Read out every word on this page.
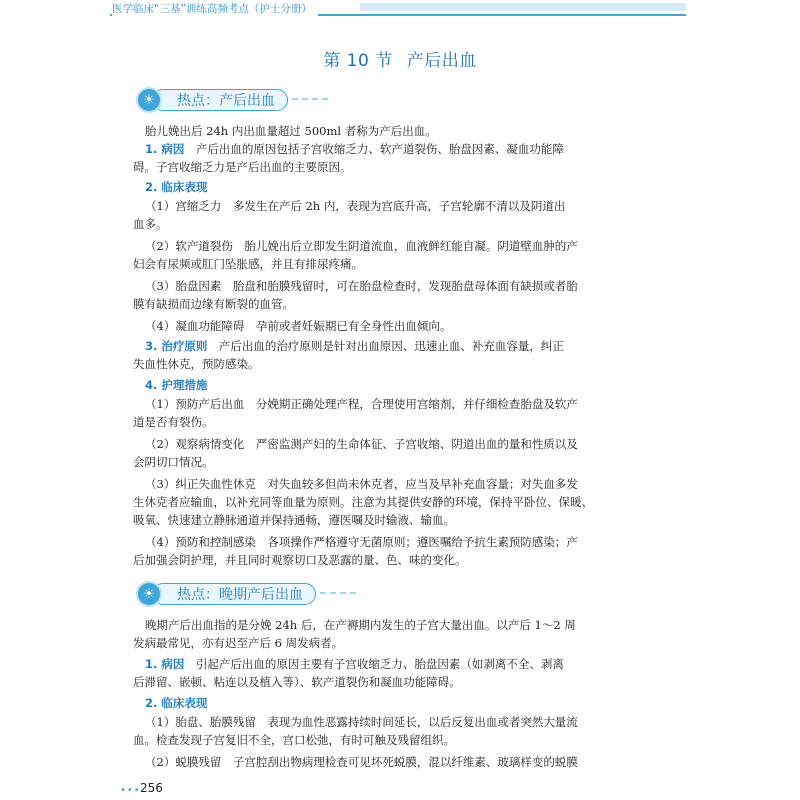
医学临床“三基”训练高频考点（护士分册）
第 10 节 产后出血
☀	热点：产后出血
胎儿娩出后 24h 内出血量超过 500ml 者称为产后出血。
1. 病因　 产后出血的原因包括子宫收缩乏力、软产道裂伤、胎盘因素、凝血功能障
碍。子宫收缩乏力是产后出血的主要原因。
2. 临床表现
（1）宫缩乏力　多发生在产后 2h 内，表现为宫底升高，子宫轮廓不清以及阴道出
血多。
（2）软产道裂伤　胎儿娩出后立即发生阴道流血，血液鲜红能自凝。阴道壁血肿的产
妇会有尿频或肛门坠胀感，并且有排尿疼痛。
（3）胎盘因素　胎盘和胎膜残留时，可在胎盘检查时，发现胎盘母体面有缺损或者胎
膜有缺损而边缘有断裂的血管。
（4）凝血功能障碍　孕前或者妊娠期已有全身性出血倾向。
3. 治疗原则　 产后出血的治疗原则是针对出血原因、迅速止血、补充血容量，纠正
失血性休克，预防感染。
4. 护理措施
（1）预防产后出血　分娩期正确处理产程，合理使用宫缩剂，并仔细检查胎盘及软产
道是否有裂伤。
（2）观察病情变化　严密监测产妇的生命体征、子宫收缩、阴道出血的量和性质以及
会阴切口情况。
（3）纠正失血性休克　对失血较多但尚未休克者，应当及早补充血容量；对失血多发
生休克者应输血，以补充同等血量为原则。注意为其提供安静的环境，保持平卧位、保暖、
吸氧、快速建立静脉通道并保持通畅，遵医嘱及时输液、输血。
（4）预防和控制感染　各项操作严格遵守无菌原则；遵医嘱给予抗生素预防感染；产
后加强会阴护理，并且同时观察切口及恶露的量、色、味的变化。
☀	热点：晚期产后出血
晚期产后出血指的是分娩 24h 后，在产褥期内发生的子宫大量出血。以产后 1～2 周
发病最常见，亦有迟至产后 6 周发病者。
1. 病因　 引起产后出血的原因主要有子宫收缩乏力、胎盘因素（如剥离不全、剥离
后滞留、嵌顿、粘连以及植入等）、软产道裂伤和凝血功能障碍。
2. 临床表现
（1）胎盘、胎膜残留　表现为血性恶露持续时间延长，以后反复出血或者突然大量流
血。检查发现子宫复旧不全，宫口松弛，有时可触及残留组织。
（2）蜕膜残留　子宫腔刮出物病理检查可见坏死蜕膜，混以纤维素、玻璃样变的蜕膜
••• 256
